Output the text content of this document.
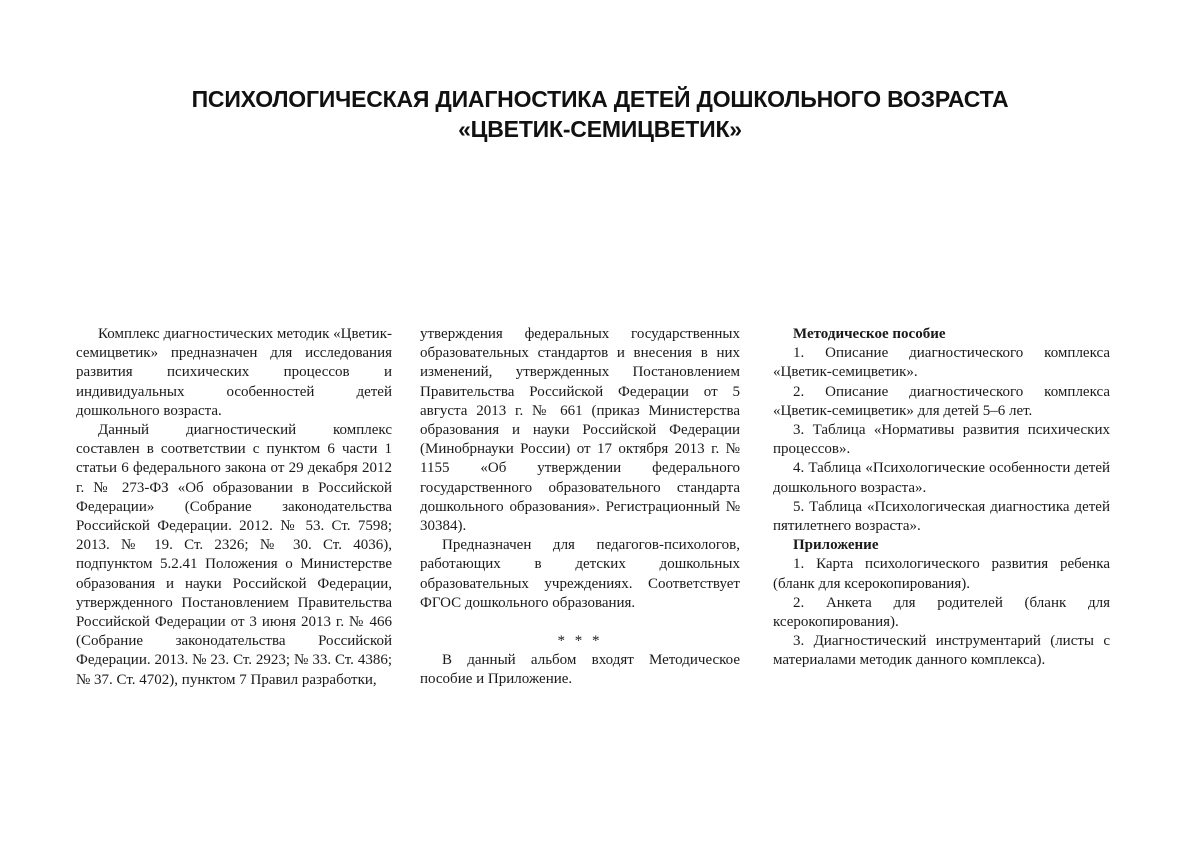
ПСИХОЛОГИЧЕСКАЯ ДИАГНОСТИКА ДЕТЕЙ ДОШКОЛЬНОГО ВОЗРАСТА
«ЦВЕТИК-СЕМИЦВЕТИК»

Комплекс диагностических методик «Цветик-семицветик» предназначен для исследования развития психических процессов и индивидуальных особенностей детей дошкольного возраста.

Данный диагностический комплекс составлен в соответствии с пунктом 6 части 1 статьи 6 федерального закона от 29 декабря 2012 г. № 273-ФЗ «Об образовании в Российской Федерации» (Собрание законодательства Российской Федерации. 2012. № 53. Ст. 7598; 2013. № 19. Ст. 2326; № 30. Ст. 4036), подпунктом 5.2.41 Положения о Министерстве образования и науки Российской Федерации, утвержденного Постановлением Правительства Российской Федерации от 3 июня 2013 г. № 466 (Собрание законодательства Российской Федерации. 2013. № 23. Ст. 2923; № 33. Ст. 4386; № 37. Ст. 4702), пунктом 7 Правил разработки,

утверждения федеральных государственных образовательных стандартов и внесения в них изменений, утвержденных Постановлением Правительства Российской Федерации от 5 августа 2013 г. № 661 (приказ Министерства образования и науки Российской Федерации (Минобрнауки России) от 17 октября 2013 г. № 1155 «Об утверждении федерального государственного образовательного стандарта дошкольного образования». Регистрационный № 30384).

Предназначен для педагогов-психологов, работающих в детских дошкольных образовательных учреждениях. Соответствует ФГОС дошкольного образования.

* * *

В данный альбом входят Методическое пособие и Приложение.

Методическое пособие

1. Описание диагностического комплекса «Цветик-семицветик».

2. Описание диагностического комплекса «Цветик-семицветик» для детей 5–6 лет.

3. Таблица «Нормативы развития психических процессов».

4. Таблица «Психологические особенности детей дошкольного возраста».

5. Таблица «Психологическая диагностика детей пятилетнего возраста».

Приложение

1. Карта психологического развития ребенка (бланк для ксерокопирования).

2. Анкета для родителей (бланк для ксерокопирования).

3. Диагностический инструментарий (листы с материалами методик данного комплекса).
